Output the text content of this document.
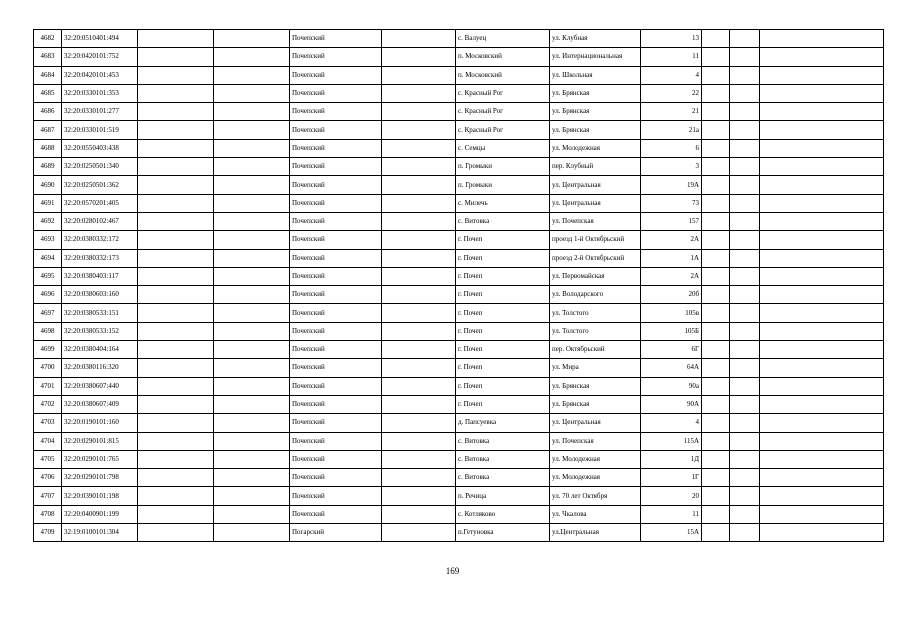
4682	32:20:0510401:494			Почепский		с. Валуец	ул. Клубная	13			
4683	32:20:0420101:752			Почепский		п. Московский	ул. Интернациональная	11			
4684	32:20:0420101:453			Почепский		п. Московский	ул. Школьная	4			
4685	32:20:0330101:353			Почепский		с. Красный Рог	ул. Брянская	22			
4686	32:20:0330101:277			Почепский		с. Красный Рог	ул. Брянская	21			
4687	32:20:0330101:519			Почепский		с. Красный Рог	ул. Брянская	21а			
4688	32:20:0550403:438			Почепский		с. Семцы	ул. Молодежная	6			
4689	32:20:0250501:340			Почепский		п. Громыки	пер. Клубный	3			
4690	32:20:0250501:362			Почепский		п. Громыки	ул. Центральная	19А			
4691	32:20:0570201:405			Почепский		с. Милечь	ул. Центральная	73			
4692	32:20:0280102:467			Почепский		с. Витовка	ул. Почепская	157			
4693	32:20:0380332:172			Почепский		г. Почеп	проезд 1-й Октябрьский	2А			
4694	32:20:0380332:173			Почепский		г. Почеп	проезд 2-й Октябрьский	1А			
4695	32:20:0380403:117			Почепский		г. Почеп	ул. Первомайская	2А			
4696	32:20:0380603:160			Почепский		г. Почеп	ул. Володарского	20б			
4697	32:20:0380533:151			Почепский		г. Почеп	ул. Толстого	105в			
4698	32:20:0380533:152			Почепский		г. Почеп	ул. Толстого	105Б			
4699	32:20:0380404:164			Почепский		г. Почеп	пер. Октябрьский	6Г			
4700	32:20:0380116:320			Почепский		г. Почеп	ул. Мира	64А			
4701	32:20:0380607:440			Почепский		г. Почеп	ул. Брянская	90а			
4702	32:20:0380607:409			Почепский		г. Почеп	ул. Брянская	90А			
4703	32:20:0190101:160			Почепский		д. Папсуевка	ул. Центральная	4			
4704	32:20:0290101:815			Почепский		с. Витовка	ул. Почепская	115А			
4705	32:20:0290101:765			Почепский		с. Витовка	ул. Молодежная	1Д			
4706	32:20:0290101:798			Почепский		с. Витовка	ул. Молодежная	1Г			
4707	32:20:0390101:198			Почепский		п. Речица	ул. 70 лет Октября	20			
4708	32:20:0400901:199			Почепский		с. Котляково	ул. Чкалова	11			
4709	32:19:0100101:304			Погарский		п.Гетуновка	ул.Центральная	15А			
169
